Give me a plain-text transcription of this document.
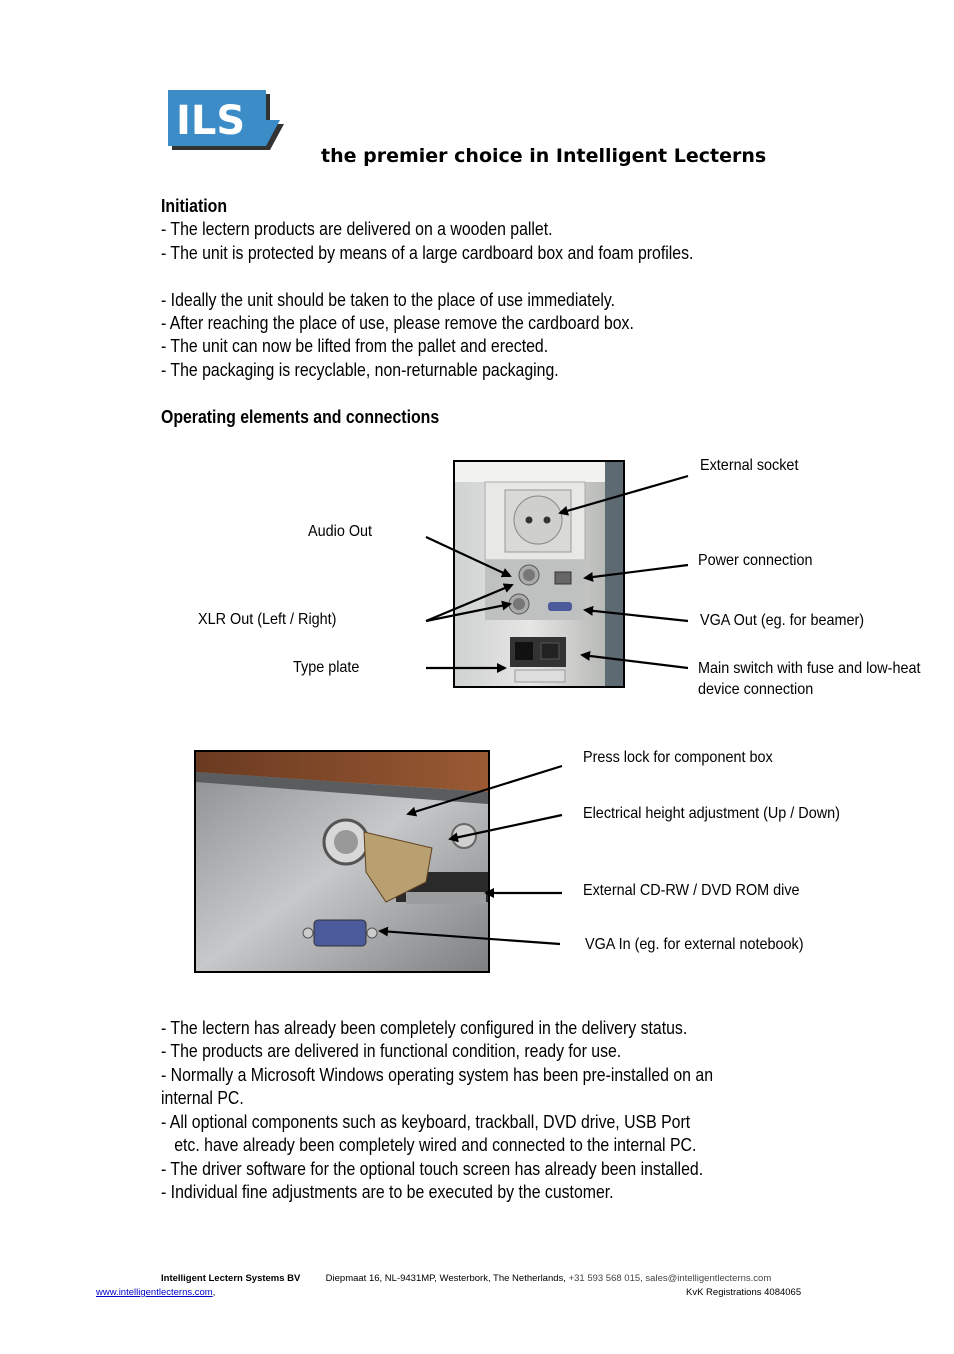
ILS
the premier choice in Intelligent Lecterns
Initiation
- The lectern products are delivered on a wooden pallet.
- The unit is protected by means of a large cardboard box and foam profiles.
- Ideally the unit should be taken to the place of use immediately.
- After reaching the place of use, please remove the cardboard box.
- The unit can now be lifted from the pallet and erected.
- The packaging is recyclable, non-returnable packaging.
Operating elements and connections
External socket
Audio Out
Power connection
XLR Out (Left / Right)	VGA Out (eg. for beamer)
Type plate	Main switch with fuse and low-heat
device connection
Press lock for component box
Electrical height adjustment (Up / Down)
External CD-RW / DVD ROM dive
VGA In (eg. for external notebook)
- The lectern has already been completely configured in the delivery status.
- The products are delivered in functional condition, ready for use.
- Normally a Microsoft Windows operating system has been pre-installed on an
internal PC.
- All optional components such as keyboard, trackball, DVD drive, USB Port
etc. have already been completely wired and connected to the internal PC.
- The driver software for the optional touch screen has already been installed.
- Individual fine adjustments are to be executed by the customer.
Intelligent Lectern Systems BV	Diepmaat 16, NL-9431MP, Westerbork, The Netherlands, +31 593 568 015, sales@intelligentlecterns.com
www.intelligentlecterns.com,	KvK Registrations 4084065
